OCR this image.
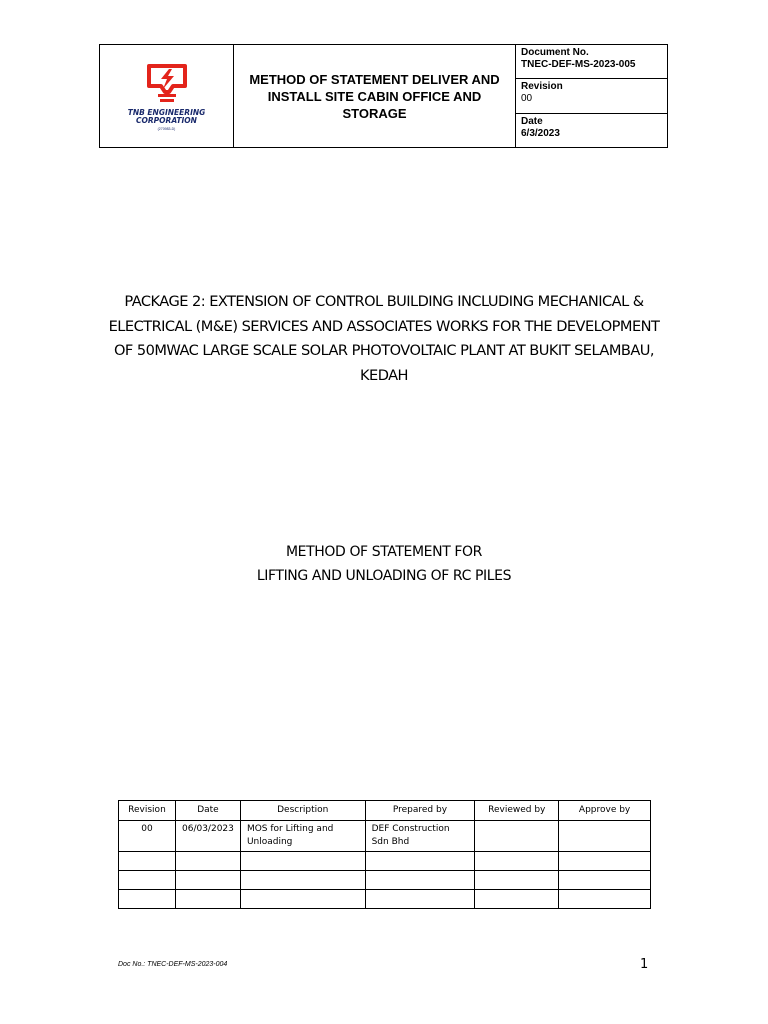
TNB ENGINEERING
CORPORATION
(270983-D)
METHOD OF STATEMENT DELIVER AND INSTALL SITE CABIN OFFICE AND STORAGE
Document No.
TNEC-DEF-MS-2023-005
Revision
00
Date
6/3/2023
PACKAGE 2: EXTENSION OF CONTROL BUILDING INCLUDING MECHANICAL &
ELECTRICAL (M&E) SERVICES AND ASSOCIATES WORKS FOR THE DEVELOPMENT
OF 50MWAC LARGE SCALE SOLAR PHOTOVOLTAIC PLANT AT BUKIT SELAMBAU,
KEDAH
METHOD OF STATEMENT FOR
LIFTING AND UNLOADING OF RC PILES
Revision	Date	Description	Prepared by	Reviewed by	Approve by
00	06/03/2023	MOS for Lifting and Unloading	DEF Construction Sdn Bhd		

Doc No.: TNEC-DEF-MS-2023-004	1
